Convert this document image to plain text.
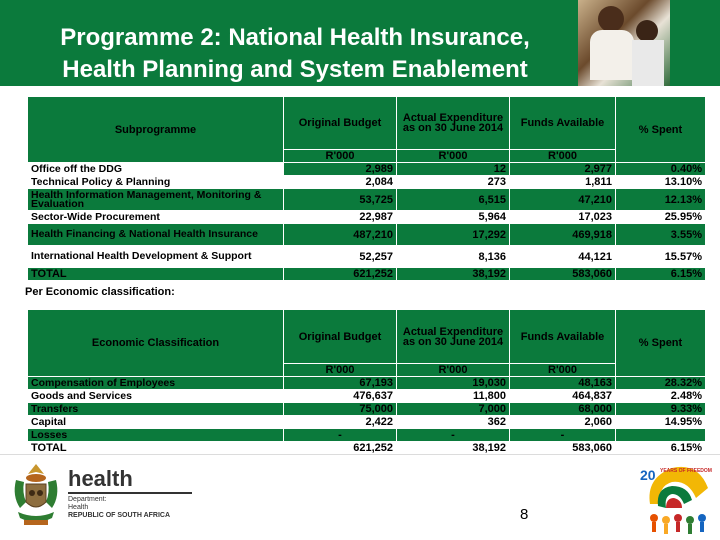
Programme 2: National Health Insurance,
Health Planning and System Enablement
Subprogramme	Original Budget	Actual Expenditure as on 30 June 2014	Funds Available	% Spent
	R'000	R'000	R'000	
Office off the DDG	2,989	12	2,977	0.40%
Technical Policy & Planning	2,084	273	1,811	13.10%
Health Information Management, Monitoring & Evaluation	53,725	6,515	47,210	12.13%
Sector-Wide Procurement	22,987	5,964	17,023	25.95%
Health Financing & National Health Insurance	487,210	17,292	469,918	3.55%
International Health Development & Support	52,257	8,136	44,121	15.57%
TOTAL	621,252	38,192	583,060	6.15%
Per Economic classification:
Economic Classification	Original Budget	Actual Expenditure as on 30 June 2014	Funds Available	% Spent
	R'000	R'000	R'000	
Compensation of Employees	67,193	19,030	48,163	28.32%
Goods and Services	476,637	11,800	464,837	2.48%
Transfers	75,000	7,000	68,000	9.33%
Capital	2,422	362	2,060	14.95%
Losses	-	-	-	
TOTAL	621,252	38,192	583,060	6.15%
health
Department:
Health
REPUBLIC OF SOUTH AFRICA	8
20 YEARS OF FREEDOM
